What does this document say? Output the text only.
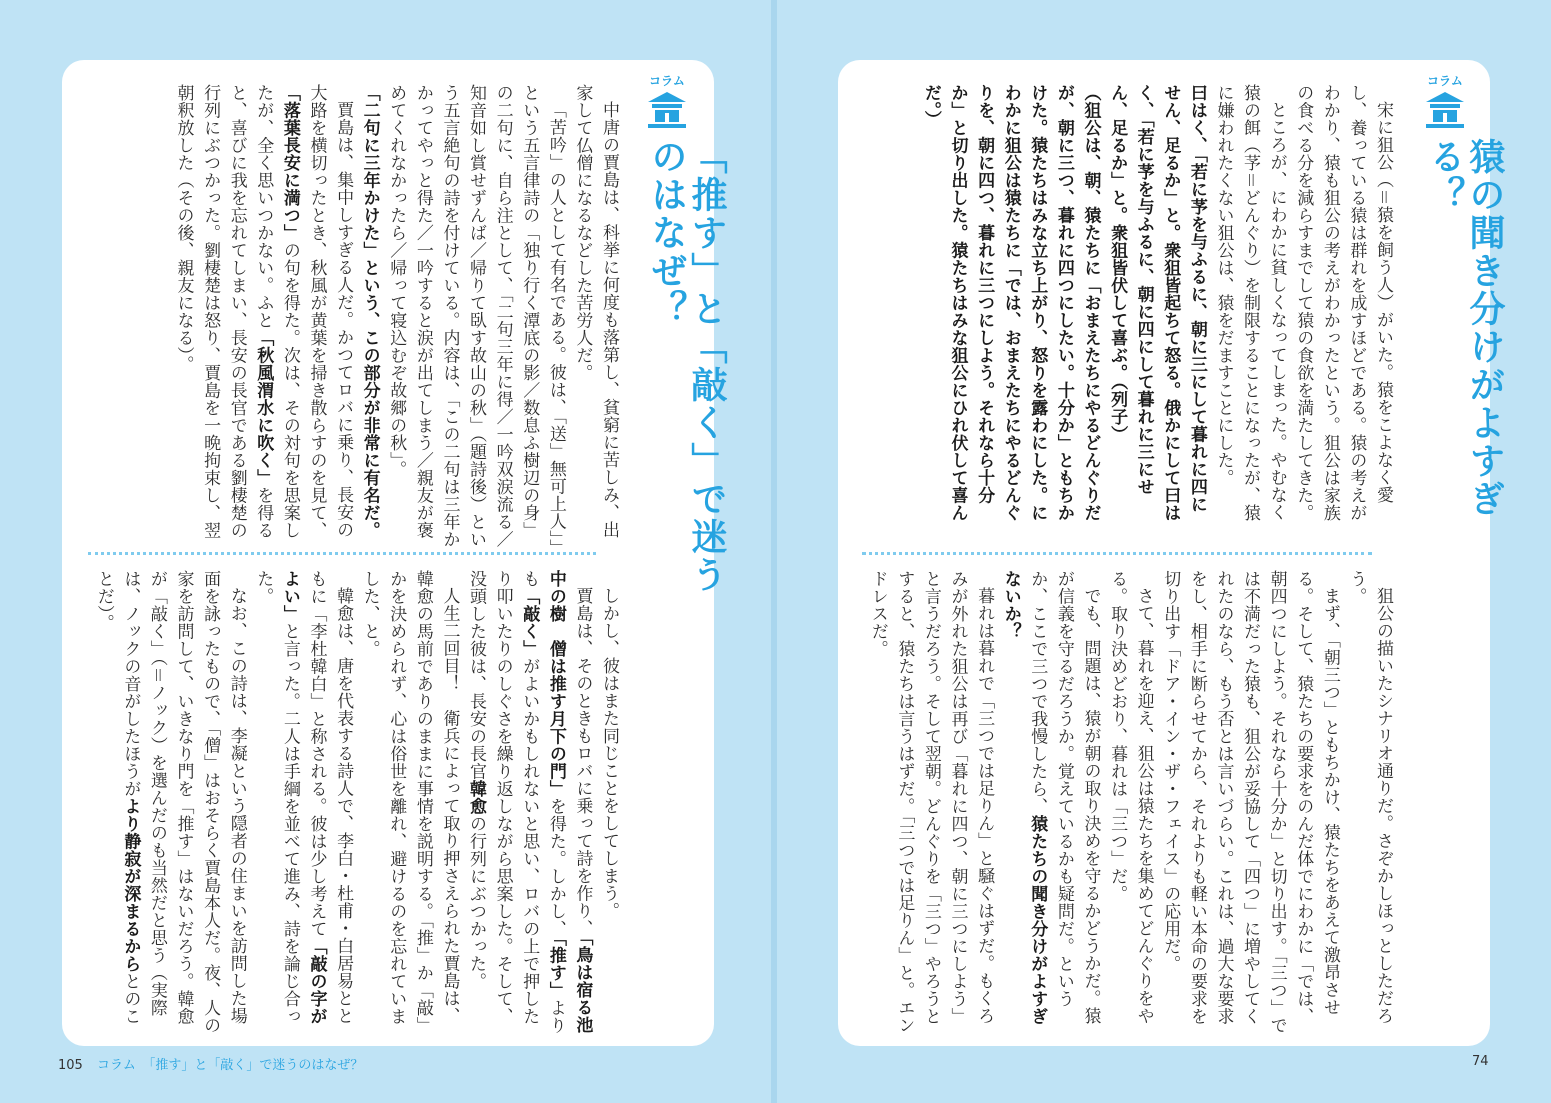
コラム
「推す」と「敲く」で迷うのはなぜ？

中唐の賈島は、科挙に何度も落第し、貧窮に苦しみ、出家して仏僧になるなどした苦労人だ。

「苦吟」の人として有名である。彼は、「送」無可上人」」という五言律詩の「独り行く潭底の影／数息ふ樹辺の身」の二句に、自ら注として、「二句三年に得／一吟双涙流る／知音如し賞せずんば／帰りて臥す故山の秋」（題詩後）という五言絶句の詩を付けている。内容は、「この二句は三年かかってやっと得た／一吟すると涙が出てしまう／親友が褒めてくれなかったら／帰って寝込むぞ故郷の秋」。

「二句に三年かけた」という、この部分が非常に有名だ。

賈島は、集中しすぎる人だ。かつてロバに乗り、長安の大路を横切ったとき、秋風が黄葉を掃き散らすのを見て、「落葉長安に満つ」の句を得た。次は、その対句を思案したが、全く思いつかない。ふと「秋風渭水に吹く」を得ると、喜びに我を忘れてしまい、長安の長官である劉棲楚の行列にぶつかった。劉棲楚は怒り、賈島を一晩拘束し、翌朝釈放した（その後、親友になる）。

しかし、彼はまた同じことをしてしまう。

賈島は、そのときもロバに乗って詩を作り、「鳥は宿る池中の樹　僧は推す月下の門」を得た。しかし、「推す」よりも「敲く」がよいかもしれないと思い、ロバの上で押したり叩いたりのしぐさを繰り返しながら思案した。そして、没頭した彼は、長安の長官韓愈の行列にぶつかった。

人生二回目！　衛兵によって取り押さえられた賈島は、韓愈の馬前でありのままに事情を説明する。「推」か「敲」かを決められず、心は俗世を離れ、避けるのを忘れていました、と。

韓愈は、唐を代表する詩人で、李白・杜甫・白居易とともに「李杜韓白」と称される。彼は少し考えて「敲の字がよい」と言った。二人は手綱を並べて進み、詩を論じ合った。

なお、この詩は、李凝という隠者の住まいを訪問した場面を詠ったもので、「僧」はおそらく賈島本人だ。夜、人の家を訪問して、いきなり門を「推す」はないだろう。韓愈が「敲く」（＝ノック）を選んだのも当然だと思う（実際は、ノックの音がしたほうがより静寂が深まるからとのことだ）。

105 コラム　「推す」と「敲く」で迷うのはなぜ？
コラム
猿の聞き分けがよすぎる？

宋に狙公（＝猿を飼う人）がいた。猿をこよなく愛し、養っている猿は群れを成すほどである。猿の考えがわかり、猿も狙公の考えがわかったという。狙公は家族の食べる分を減らすまでして猿の食欲を満たしてきた。

ところが、にわかに貧しくなってしまった。やむなく猿の餌（芧＝どんぐり）を制限することになったが、猿に嫌われたくない狙公は、猿をだますことにした。

曰はく、「若に芧を与ふるに、朝に三にして暮れに四にせん、足るか」と。衆狙皆起ちて怒る。俄かにして曰はく、「若に芧を与ふるに、朝に四にして暮れに三にせん、足るか」と。衆狙皆伏して喜ぶ。（列子）

（狙公は、朝、猿たちに「おまえたちにやるどんぐりだが、朝に三つ、暮れに四つにしたい。十分か」ともちかけた。猿たちはみな立ち上がり、怒りを露わにした。にわかに狙公は猿たちに「では、おまえたちにやるどんぐりを、朝に四つ、暮れに三つにしよう。それなら十分か」と切り出した。猿たちはみな狙公にひれ伏して喜んだ。）

狙公の描いたシナリオ通りだ。さぞかしほっとしただろう。

まず、「朝三つ」ともちかけ、猿たちをあえて激昂させる。そして、猿たちの要求をのんだ体でにわかに「では、朝四つにしよう。それなら十分か」と切り出す。「三つ」では不満だった猿も、狙公が妥協して「四つ」に増やしてくれたのなら、もう否とは言いづらい。これは、過大な要求をし、相手に断らせてから、それよりも軽い本命の要求を切り出す「ドア・イン・ザ・フェイス」の応用だ。

さて、暮れを迎え、狙公は猿たちを集めてどんぐりをやる。取り決めどおり、暮れは「三つ」だ。

でも、問題は、猿が朝の取り決めを守るかどうかだ。猿が信義を守るだろうか。覚えているかも疑問だ。というか、ここで三つで我慢したら、猿たちの聞き分けがよすぎないか？

暮れは暮れで「三つでは足りん」と騒ぐはずだ。もくろみが外れた狙公は再び「暮れに四つ、朝に三つにしよう」と言うだろう。そして翌朝。どんぐりを「三つ」やろうとすると、猿たちは言うはずだ。「三つでは足りん」と。エンドレスだ。

74
